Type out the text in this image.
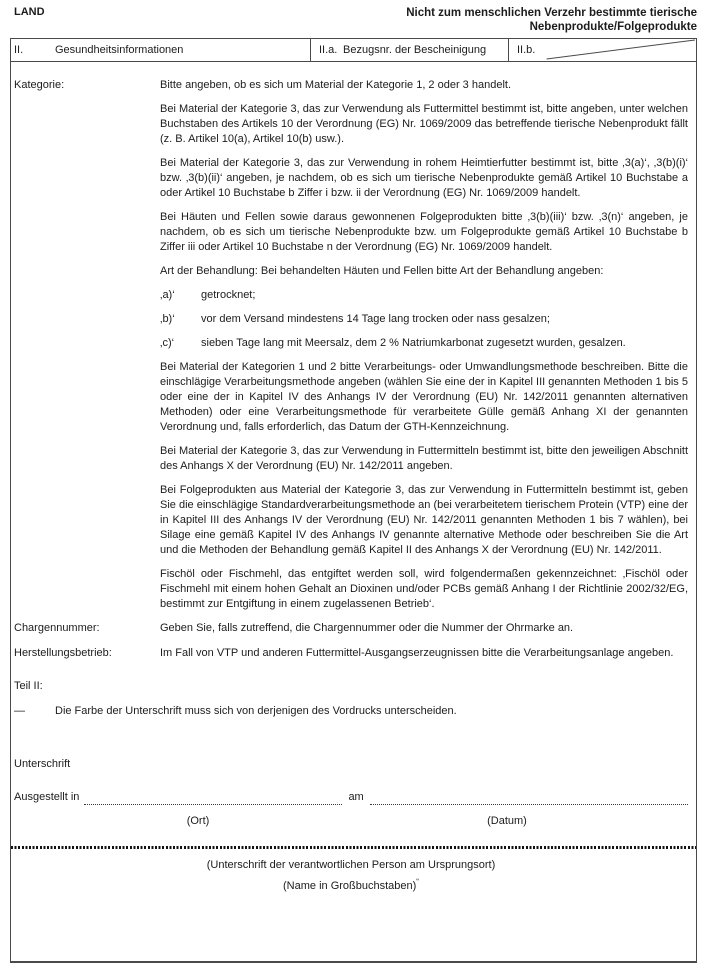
LAND	Nicht zum menschlichen Verzehr bestimmte tierische
Nebenprodukte/Folgeprodukte
II.	Gesundheitsinformationen	II.a. Bezugsnr. der Bescheinigung	II.b.
Kategorie:	Bitte angeben, ob es sich um Material der Kategorie 1, 2 oder 3 handelt.

Bei Material der Kategorie 3, das zur Verwendung als Futtermittel bestimmt ist, bitte angeben, unter welchen Buchstaben des Artikels 10 der Verordnung (EG) Nr. 1069/2009 das betreffende tierische Nebenprodukt fällt (z. B. Artikel 10(a), Artikel 10(b) usw.).

Bei Material der Kategorie 3, das zur Verwendung in rohem Heimtierfutter bestimmt ist, bitte ‚3(a)‘, ‚3(b)(i)‘ bzw. ‚3(b)(ii)‘ angeben, je nachdem, ob es sich um tierische Nebenprodukte gemäß Artikel 10 Buchstabe a oder Artikel 10 Buchstabe b Ziffer i bzw. ii der Verordnung (EG) Nr. 1069/2009 handelt.

Bei Häuten und Fellen sowie daraus gewonnenen Folgeprodukten bitte ‚3(b)(iii)‘ bzw. ‚3(n)‘ angeben, je nachdem, ob es sich um tierische Nebenprodukte bzw. um Folgeprodukte gemäß Artikel 10 Buchstabe b Ziffer iii oder Artikel 10 Buchstabe n der Verordnung (EG) Nr. 1069/2009 handelt.

Art der Behandlung: Bei behandelten Häuten und Fellen bitte Art der Behandlung angeben:

‚a)‘	getrocknet;
‚b)‘	vor dem Versand mindestens 14 Tage lang trocken oder nass gesalzen;
‚c)‘	sieben Tage lang mit Meersalz, dem 2 % Natriumkarbonat zugesetzt wurden, gesalzen.

Bei Material der Kategorien 1 und 2 bitte Verarbeitungs- oder Umwandlungsmethode beschreiben. Bitte die einschlägige Verarbeitungsmethode angeben (wählen Sie eine der in Kapitel III genannten Methoden 1 bis 5 oder eine der in Kapitel IV des Anhangs IV der Verordnung (EU) Nr. 142/2011 genannten alternativen Methoden) oder eine Verarbeitungsmethode für verarbeitete Gülle gemäß Anhang XI der genannten Verordnung und, falls erforderlich, das Datum der GTH-Kennzeichnung.

Bei Material der Kategorie 3, das zur Verwendung in Futtermitteln bestimmt ist, bitte den jeweiligen Abschnitt des Anhangs X der Verordnung (EU) Nr. 142/2011 angeben.

Bei Folgeprodukten aus Material der Kategorie 3, das zur Verwendung in Futtermitteln bestimmt ist, geben Sie die einschlägige Standardverarbeitungsmethode an (bei verarbeitetem tierischem Protein (VTP) eine der in Kapitel III des Anhangs IV der Verordnung (EU) Nr. 142/2011 genannten Methoden 1 bis 7 wählen), bei Silage eine gemäß Kapitel IV des Anhangs IV genannte alternative Methode oder beschreiben Sie die Art und die Methoden der Behandlung gemäß Kapitel II des Anhangs X der Verordnung (EU) Nr. 142/2011.

Fischöl oder Fischmehl, das entgiftet werden soll, wird folgendermaßen gekennzeichnet: ‚Fischöl oder Fischmehl mit einem hohen Gehalt an Dioxinen und/oder PCBs gemäß Anhang I der Richtlinie 2002/32/EG, bestimmt zur Entgiftung in einem zugelassenen Betrieb‘.

Chargennummer:	Geben Sie, falls zutreffend, die Chargennummer oder die Nummer der Ohrmarke an.
Herstellungsbetrieb:	Im Fall von VTP und anderen Futtermittel-Ausgangserzeugnissen bitte die Verarbeitungsanlage angeben.
Teil II:
—	Die Farbe der Unterschrift muss sich von derjenigen des Vordrucks unterscheiden.
Unterschrift
Ausgestellt in	am
(Ort)	(Datum)
(Unterschrift der verantwortlichen Person am Ursprungsort)
(Name in Großbuchstaben)“
